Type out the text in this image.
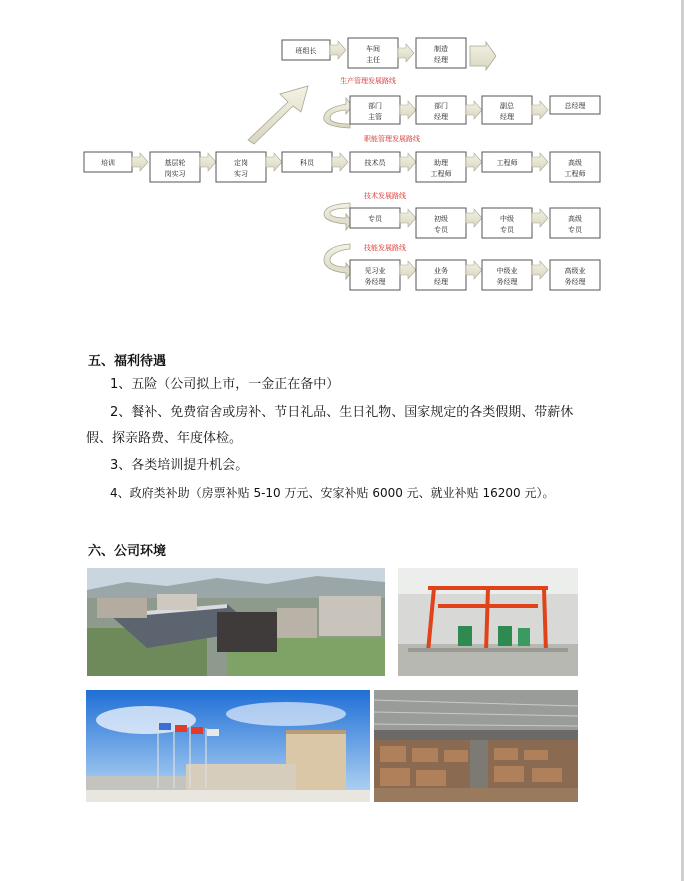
班组长	车间
主任
制造
经理
生产管理发展路线
部门
主管
部门
经理
副总
经理
总经理
职能管理发展路线
培训	基层轮
岗实习
定岗
实习
科员	技术员	助理
工程师
工程师	高级
工程师
技术发展路线
专员	初级
专员
中级
专员
高级
专员
技能发展路线
见习业
务经理
业务
经理
中级业
务经理
高级业
务经理
五、福利待遇
1、五险（公司拟上市，一金正在备中）
2、餐补、免费宿舍或房补、节日礼品、生日礼物、国家规定的各类假期、带薪休
假、探亲路费、年度体检。
3、各类培训提升机会。
4、政府类补助（房票补贴 5-10 万元、安家补贴 6000 元、就业补贴 16200 元）。
六、公司环境
